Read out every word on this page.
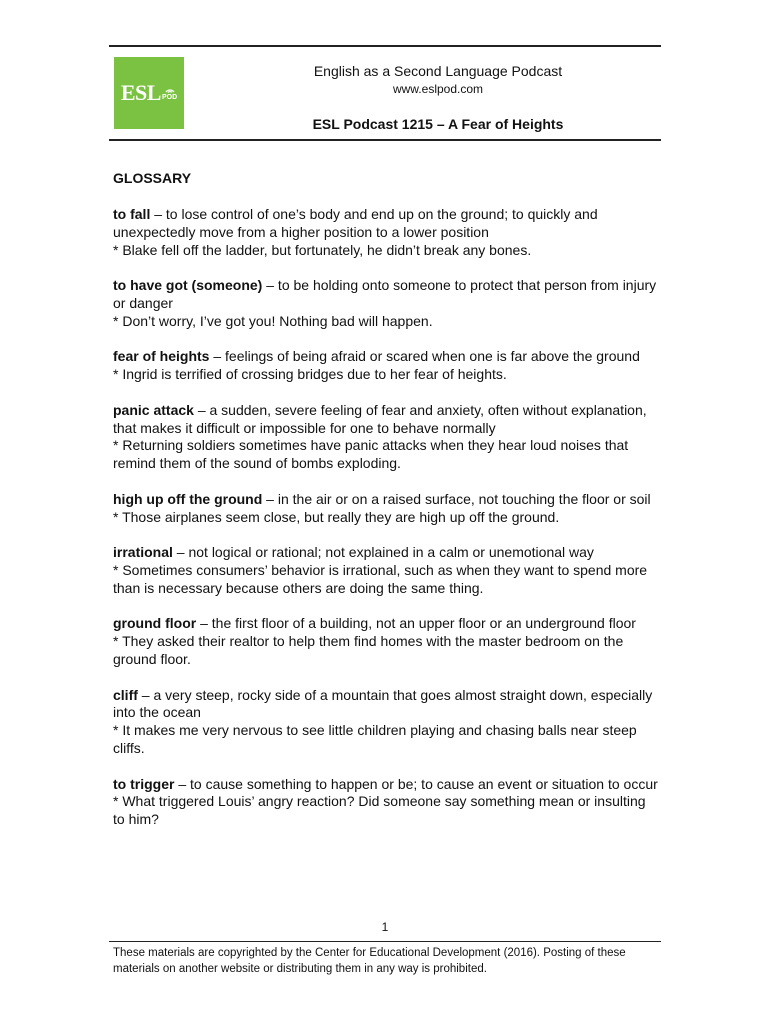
ESL POD
English as a Second Language Podcast
www.eslpod.com
ESL Podcast 1215 – A Fear of Heights
GLOSSARY
to fall – to lose control of one’s body and end up on the ground; to quickly and unexpectedly move from a higher position to a lower position
* Blake fell off the ladder, but fortunately, he didn’t break any bones.
to have got (someone) – to be holding onto someone to protect that person from injury or danger
* Don’t worry, I’ve got you! Nothing bad will happen.
fear of heights – feelings of being afraid or scared when one is far above the ground
* Ingrid is terrified of crossing bridges due to her fear of heights.
panic attack – a sudden, severe feeling of fear and anxiety, often without explanation, that makes it difficult or impossible for one to behave normally
* Returning soldiers sometimes have panic attacks when they hear loud noises that remind them of the sound of bombs exploding.
high up off the ground – in the air or on a raised surface, not touching the floor or soil
* Those airplanes seem close, but really they are high up off the ground.
irrational – not logical or rational; not explained in a calm or unemotional way
* Sometimes consumers’ behavior is irrational, such as when they want to spend more than is necessary because others are doing the same thing.
ground floor – the first floor of a building, not an upper floor or an underground floor
* They asked their realtor to help them find homes with the master bedroom on the ground floor.
cliff – a very steep, rocky side of a mountain that goes almost straight down, especially into the ocean
* It makes me very nervous to see little children playing and chasing balls near steep cliffs.
to trigger – to cause something to happen or be; to cause an event or situation to occur
* What triggered Louis’ angry reaction? Did someone say something mean or insulting to him?
1
These materials are copyrighted by the Center for Educational Development (2016). Posting of these materials on another website or distributing them in any way is prohibited.
